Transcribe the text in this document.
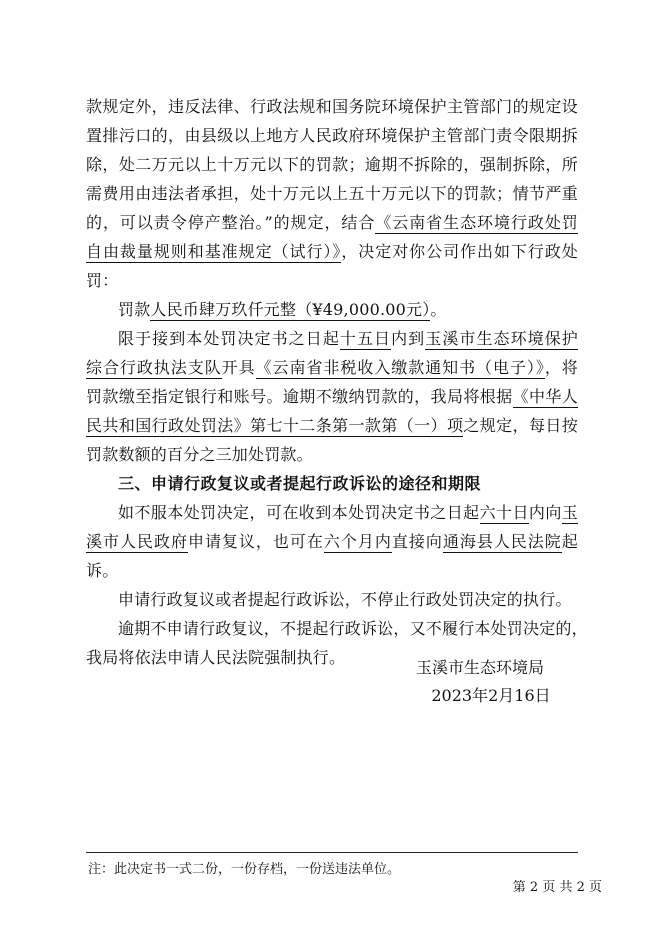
款规定外，违反法律、行政法规和国务院环境保护主管部门的规定设
置排污口的，由县级以上地方人民政府环境保护主管部门责令限期拆
除，处二万元以上十万元以下的罚款；逾期不拆除的，强制拆除，所
需费用由违法者承担，处十万元以上五十万元以下的罚款；情节严重
的，可以责令停产整治。”的规定，结合《云南省生态环境行政处罚
自由裁量规则和基准规定（试行）》，决定对你公司作出如下行政处
罚：
罚款人民币肆万玖仟元整（¥49,000.00元）。
限于接到本处罚决定书之日起十五日内到玉溪市生态环境保护
综合行政执法支队开具《云南省非税收入缴款通知书（电子）》，将
罚款缴至指定银行和账号。逾期不缴纳罚款的，我局将根据《中华人
民共和国行政处罚法》第七十二条第一款第（一）项之规定，每日按
罚款数额的百分之三加处罚款。
三、申请行政复议或者提起行政诉讼的途径和期限
如不服本处罚决定，可在收到本处罚决定书之日起六十日内向玉
溪市人民政府申请复议，也可在六个月内直接向通海县人民法院起
诉。
申请行政复议或者提起行政诉讼，不停止行政处罚决定的执行。
逾期不申请行政复议，不提起行政诉讼，又不履行本处罚决定的，
我局将依法申请人民法院强制执行。
玉溪市生态环境局
2023年2月16日
注：此决定书一式二份，一份存档，一份送违法单位。
第 2 页 共 2 页
